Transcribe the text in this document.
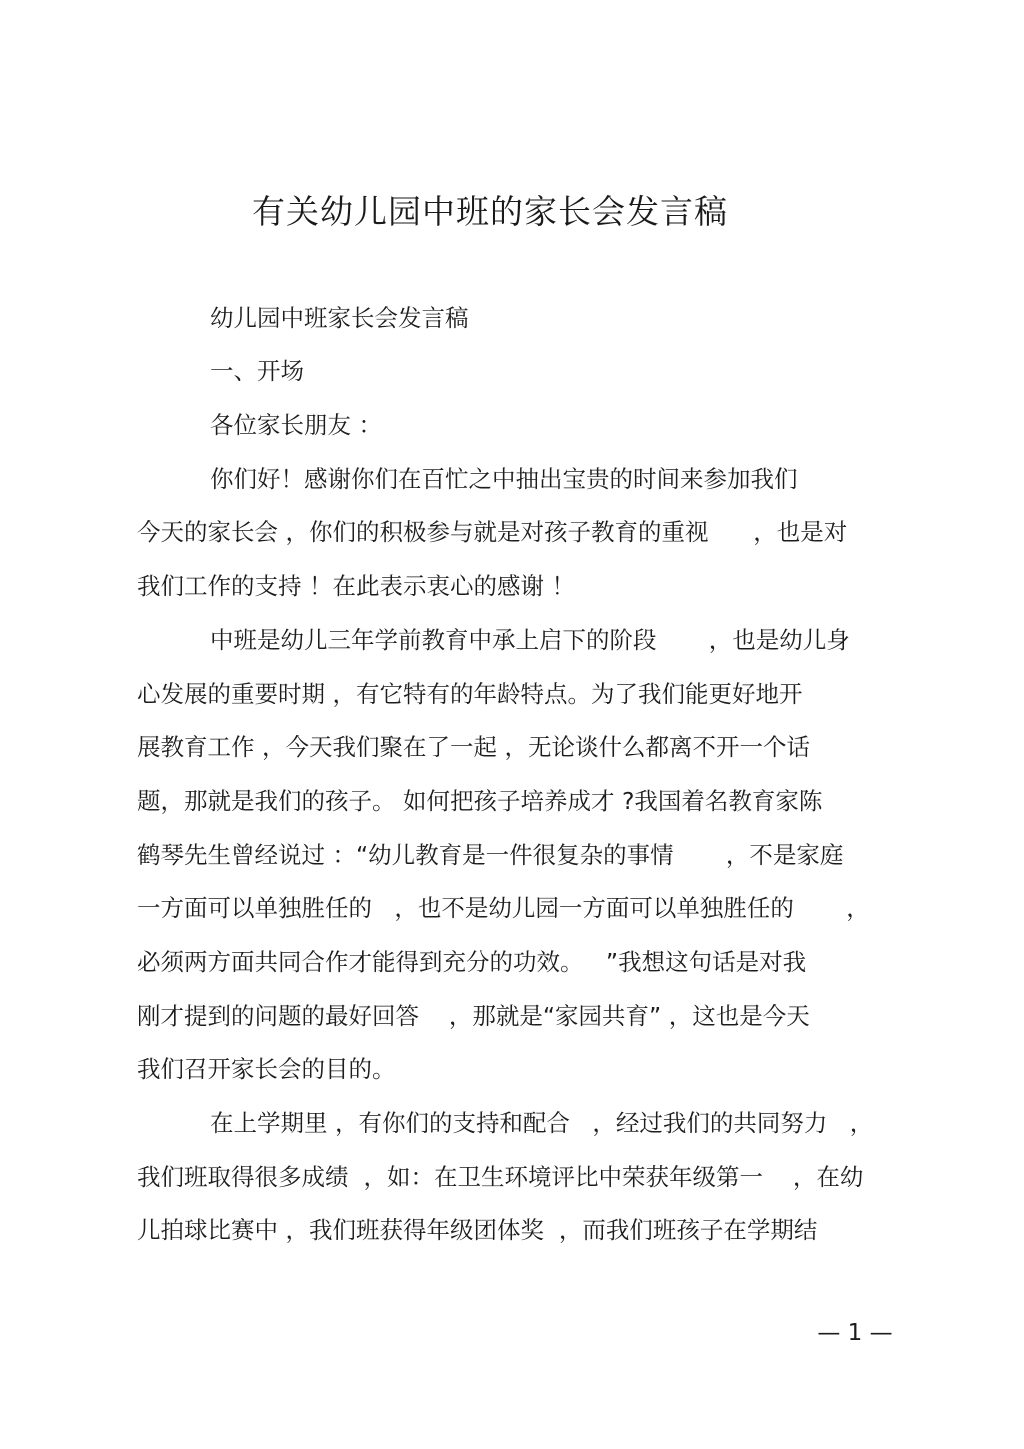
有关幼儿园中班的家长会发言稿
幼儿园中班家长会发言稿
一、开场
各位家长朋友 ：
你们好！感谢你们在百忙之中抽出宝贵的时间来参加我们
今天的家长会 ，你们的积极参与就是对孩子教育的重视      ，也是对
我们工作的支持 ！在此表示衷心的感谢 ！
中班是幼儿三年学前教育中承上启下的阶段       ，也是幼儿身
心发展的重要时期 ，有它特有的年龄特点。为了我们能更好地开
展教育工作 ，今天我们聚在了一起 ，无论谈什么都离不开一个话
题，那就是我们的孩子。 如何把孩子培养成才 ?我国着名教育家陈
鹤琴先生曾经说过 ：“幼儿教育是一件很复杂的事情       ，不是家庭
一方面可以单独胜任的   ，也不是幼儿园一方面可以单独胜任的       ，
必须两方面共同合作才能得到充分的功效。   ”我想这句话是对我
刚才提到的问题的最好回答    ，那就是“家园共育” ，这也是今天
我们召开家长会的目的。
在上学期里 ，有你们的支持和配合   ，经过我们的共同努力   ，
我们班取得很多成绩  ，如：在卫生环境评比中荣获年级第一    ，在幼
儿拍球比赛中 ，我们班获得年级团体奖  ，而我们班孩子在学期结
— 1 —
